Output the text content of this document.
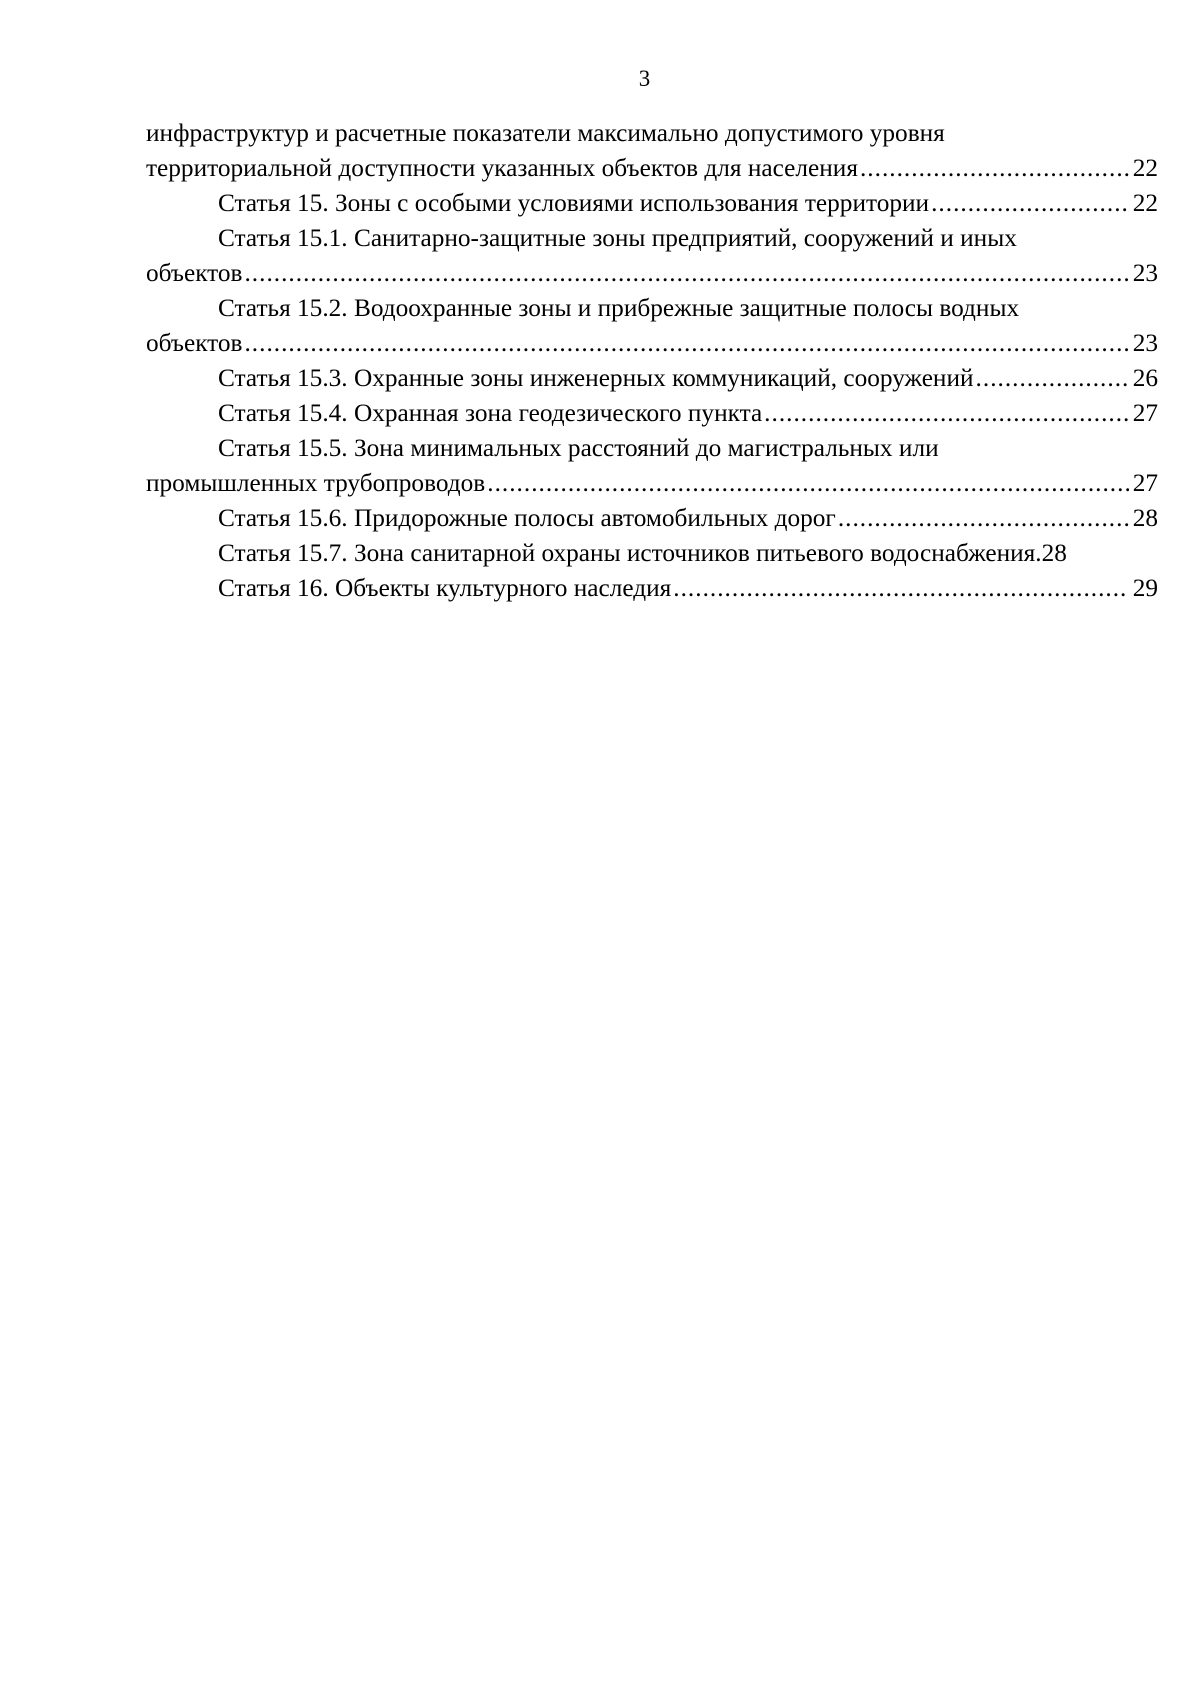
3
инфраструктур и расчетные показатели максимально допустимого уровня
территориальной доступности указанных объектов для населения .....	22
Статья 15. Зоны с особыми условиями использования территории .....	22
Статья 15.1. Санитарно-защитные зоны предприятий, сооружений и иных
объектов .....	23
Статья 15.2. Водоохранные зоны и прибрежные защитные полосы водных
объектов .....	23
Статья 15.3. Охранные зоны инженерных коммуникаций, сооружений .....	26
Статья 15.4. Охранная зона геодезического пункта .....	27
Статья 15.5. Зона минимальных расстояний до магистральных или
промышленных трубопроводов .....	27
Статья 15.6. Придорожные полосы автомобильных дорог .....	28
Статья 15.7. Зона санитарной охраны источников питьевого водоснабжения. 28
Статья 16. Объекты культурного наследия .....	29
